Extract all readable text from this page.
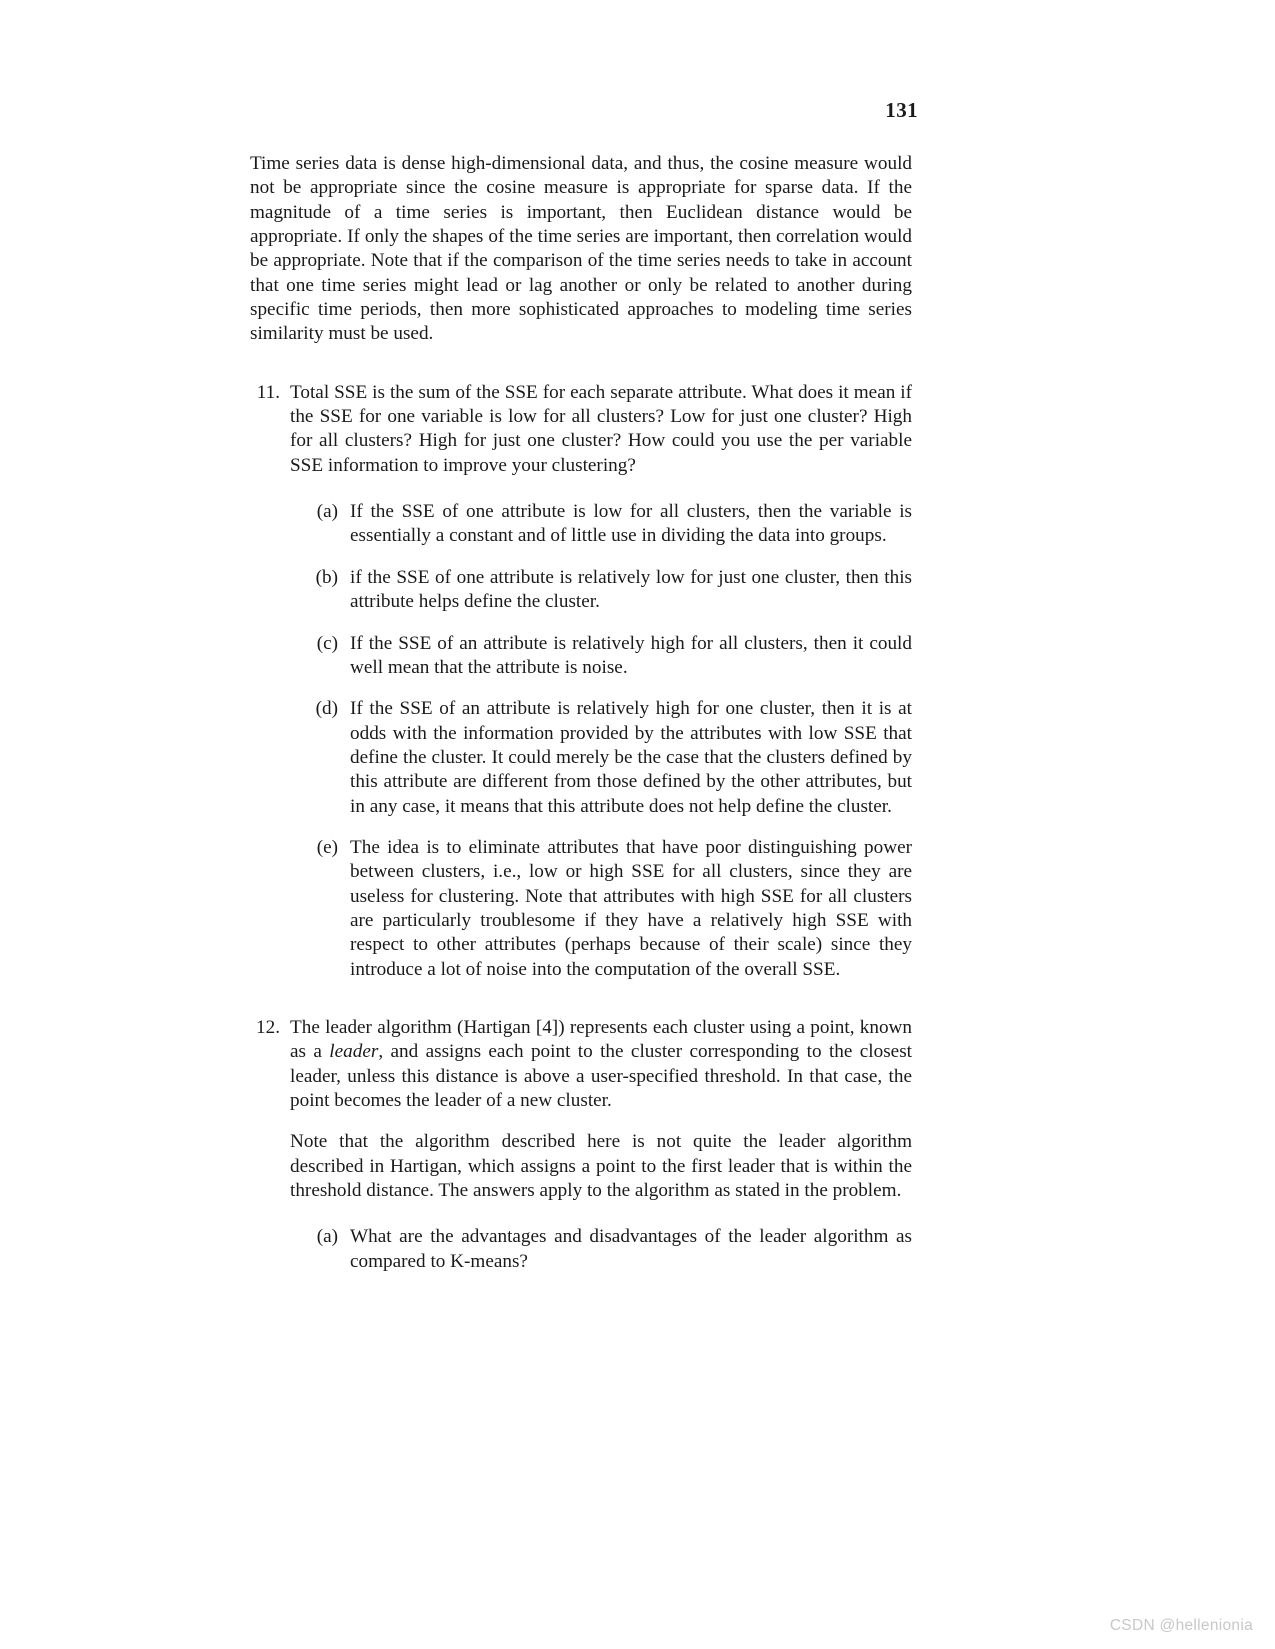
131

Time series data is dense high-dimensional data, and thus, the cosine measure would not be appropriate since the cosine measure is appropriate for sparse data. If the magnitude of a time series is important, then Euclidean distance would be appropriate. If only the shapes of the time series are important, then correlation would be appropriate. Note that if the comparison of the time series needs to take in account that one time series might lead or lag another or only be related to another during specific time periods, then more sophisticated approaches to modeling time series similarity must be used.

11. Total SSE is the sum of the SSE for each separate attribute. What does it mean if the SSE for one variable is low for all clusters? Low for just one cluster? High for all clusters? High for just one cluster? How could you use the per variable SSE information to improve your clustering?

(a) If the SSE of one attribute is low for all clusters, then the variable is essentially a constant and of little use in dividing the data into groups.
(b) if the SSE of one attribute is relatively low for just one cluster, then this attribute helps define the cluster.
(c) If the SSE of an attribute is relatively high for all clusters, then it could well mean that the attribute is noise.
(d) If the SSE of an attribute is relatively high for one cluster, then it is at odds with the information provided by the attributes with low SSE that define the cluster. It could merely be the case that the clusters defined by this attribute are different from those defined by the other attributes, but in any case, it means that this attribute does not help define the cluster.
(e) The idea is to eliminate attributes that have poor distinguishing power between clusters, i.e., low or high SSE for all clusters, since they are useless for clustering. Note that attributes with high SSE for all clusters are particularly troublesome if they have a relatively high SSE with respect to other attributes (perhaps because of their scale) since they introduce a lot of noise into the computation of the overall SSE.
12. The leader algorithm (Hartigan [4]) represents each cluster using a point, known as a leader, and assigns each point to the cluster corresponding to the closest leader, unless this distance is above a user-specified threshold. In that case, the point becomes the leader of a new cluster.

Note that the algorithm described here is not quite the leader algorithm described in Hartigan, which assigns a point to the first leader that is within the threshold distance. The answers apply to the algorithm as stated in the problem.

(a) What are the advantages and disadvantages of the leader algorithm as compared to K-means?
CSDN @hellenionia
